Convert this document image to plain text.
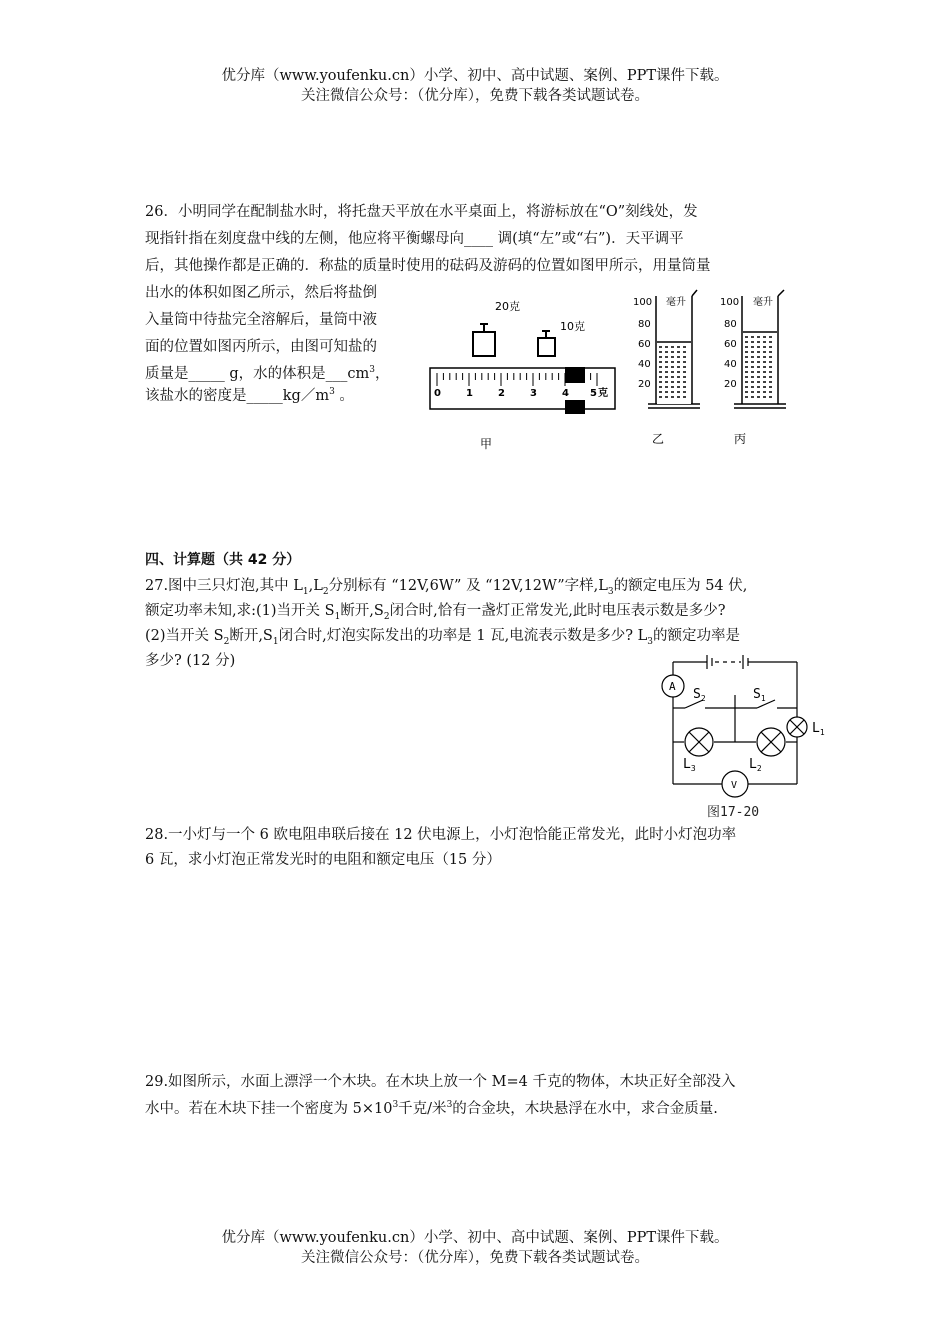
优分库（www.youfenku.cn）小学、初中、高中试题、案例、PPT课件下载。
关注微信公众号：（优分库），免费下载各类试题试卷。

26．小明同学在配制盐水时，将托盘天平放在水平桌面上，将游标放在“O”刻线处，发

现指针指在刻度盘中线的左侧，他应将平衡螺母向____ 调(填“左”或“右”)．天平调平

后，其他操作都是正确的．称盐的质量时使用的砝码及游码的位置如图甲所示，用量筒量

出水的体积如图乙所示，然后将盐倒

入量筒中待盐完全溶解后，量筒中液

面的位置如图丙所示，由图可知盐的

质量是_____ g，水的体积是$\_\_\_cm^3$，

该盐水的密度是$\_\_\_\_\_kg/m^3$ 。

20克
10克
0	1	2	3	4 5 克
甲
100
80
60
40
20
毫升
乙
100
80
60
40
20
毫升
丙

四、计算题（共 42 分）

27.图中三只灯泡,其中 $L_1,L_2$分别标有 “12V,6W” 及 “12V,12W”字样$,L_3$的额定电压为 54 伏,

额定功率未知,求:(1)当开关 $S_1$断开$,S_2$闭合时,恰有一盏灯正常发光,此时电压表示数是多少?

(2)当开关 $S_2$断开$,S_1$闭合时,灯泡实际发出的功率是 1 瓦,电流表示数是多少? $L_3$的额定功率是

多少? (12 分)

A
V
$S_2$	$S_1$
$L_1$
$L_2$
$L_3$
图17-20

28.一小灯与一个 6 欧电阻串联后接在 12 伏电源上，小灯泡恰能正常发光，此时小灯泡功率

6 瓦，求小灯泡正常发光时的电阻和额定电压（15 分）

29.如图所示，水面上漂浮一个木块。在木块上放一个 M=4 千克的物体，木块正好全部没入

水中。若在木块下挂一个密度为 $5\times 10^3$千克/米$^3$的合金块，木块悬浮在水中，求合金质量.

优分库（www.youfenku.cn）小学、初中、高中试题、案例、PPT课件下载。
关注微信公众号：（优分库），免费下载各类试题试卷。
